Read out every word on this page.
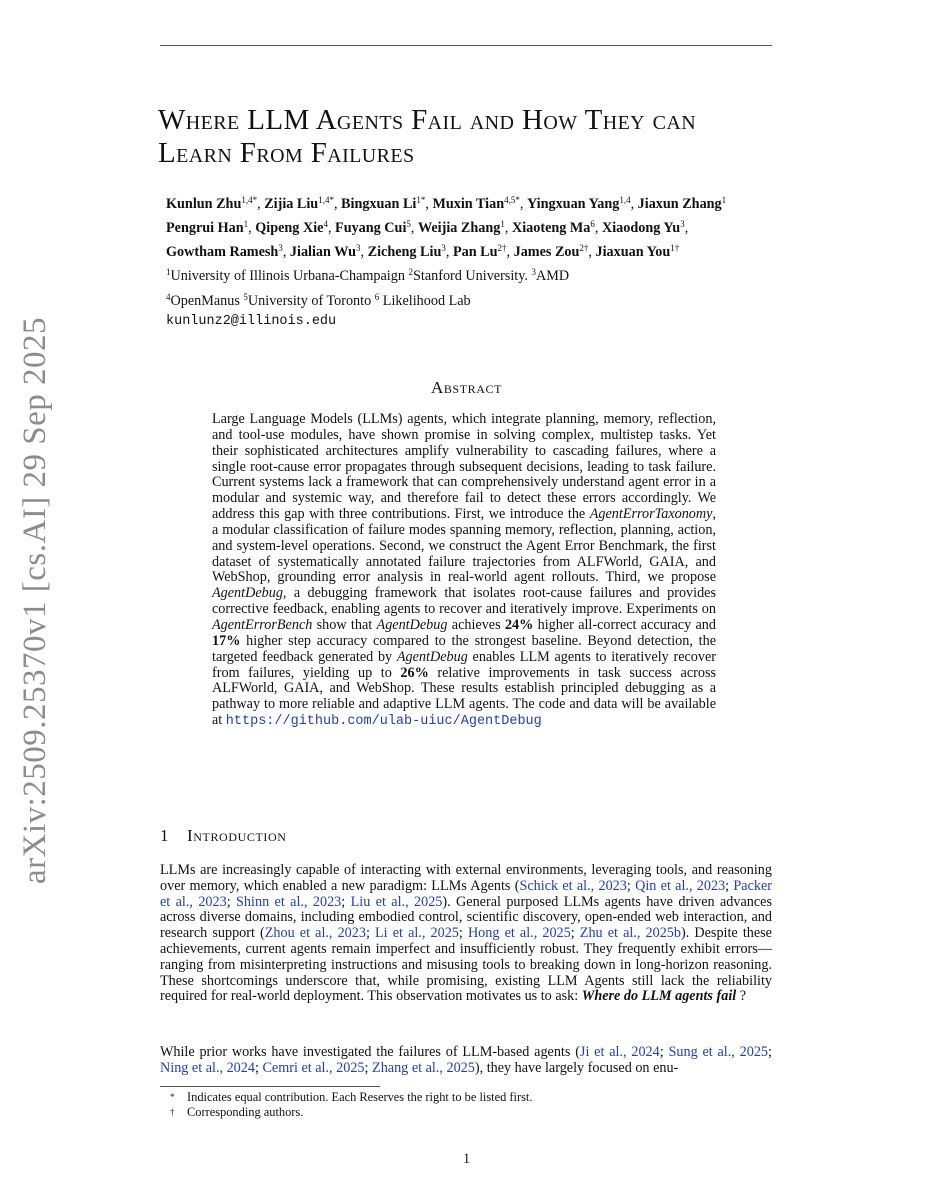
arXiv:2509.25370v1 [cs.AI] 29 Sep 2025
Where LLM Agents Fail and How They can
Learn From Failures
Kunlun Zhu$^{1,4*}$, Zijia Liu$^{1,4*}$, Bingxuan $Li^{1*}$, Muxin Tian$^{4,5*}$, Yingxuan Yang$^{1,4}$, Jiaxun Zhang$^1$
Pengrui Han$^1$, Qipeng Xie$^4$, Fuyang Cui$^5$, Weijia Zhang$^1$, Xiaoteng Ma$^6$, Xiaodong Yu$^3$,
Gowtham Ramesh$^3$, Jialian Wu$^3$, Zicheng Liu$^3$, Pan $Lu^{2\dagger}$, James Zou$^{2\dagger}$, Jiaxuan You$^{1\dagger}$
$^1$University of Illinois Urbana-Champaign $^2$Stanford University. $^3$AMD
$^4$OpenManus $^5$University of Toronto $^6$ Likelihood Lab
kunlunz2@illinois.edu
Abstract

Large Language Models (LLMs) agents, which integrate planning, memory, reflection, and tool-use modules, have shown promise in solving complex, multistep tasks. Yet their sophisticated architectures amplify vulnerability to cascading failures, where a single root-cause error propagates through subsequent decisions, leading to task failure. Current systems lack a framework that can comprehensively understand agent error in a modular and systemic way, and therefore fail to detect these errors accordingly. We address this gap with three contributions. First, we introduce the AgentErrorTaxonomy, a modular classification of failure modes spanning memory, reflection, planning, action, and system-level operations. Second, we construct the Agent Error Benchmark, the first dataset of systematically annotated failure trajectories from ALFWorld, GAIA, and WebShop, grounding error analysis in real-world agent rollouts. Third, we propose AgentDebug, a debugging framework that isolates root-cause failures and provides corrective feedback, enabling agents to recover and iteratively improve. Experiments on AgentErrorBench show that AgentDebug achieves 24% higher all-correct accuracy and 17% higher step accuracy compared to the strongest baseline. Beyond detection, the targeted feedback generated by AgentDebug enables LLM agents to iteratively recover from failures, yielding up to 26% relative improvements in task success across ALFWorld, GAIA, and WebShop. These results establish principled debugging as a pathway to more reliable and adaptive LLM agents. The code and data will be available at https://github.com/ulab-uiuc/AgentDebug

1 Introduction

LLMs are increasingly capable of interacting with external environments, leveraging tools, and reasoning over memory, which enabled a new paradigm: LLMs Agents (Schick et al., 2023; Qin et al., 2023; Packer et al., 2023; Shinn et al., 2023; Liu et al., 2025). General purposed LLMs agents have driven advances across diverse domains, including embodied control, scientific discovery, open-ended web interaction, and research support (Zhou et al., 2023; Li et al., 2025; Hong et al., 2025; Zhu et al., 2025b). Despite these achievements, current agents remain imperfect and insufficiently robust. They frequently exhibit errors—ranging from misinterpreting instructions and misusing tools to breaking down in long-horizon reasoning. These shortcomings underscore that, while promising, existing LLM Agents still lack the reliability required for real-world deployment. This observation motivates us to ask: Where do LLM agents fail ?

While prior works have investigated the failures of LLM-based agents (Ji et al., 2024; Sung et al., 2025; Ning et al., 2024; Cemri et al., 2025; Zhang et al., 2025), they have largely focused on enu-

*	Indicates equal contribution. Each Reserves the right to be listed first.
†	Corresponding authors.
1
